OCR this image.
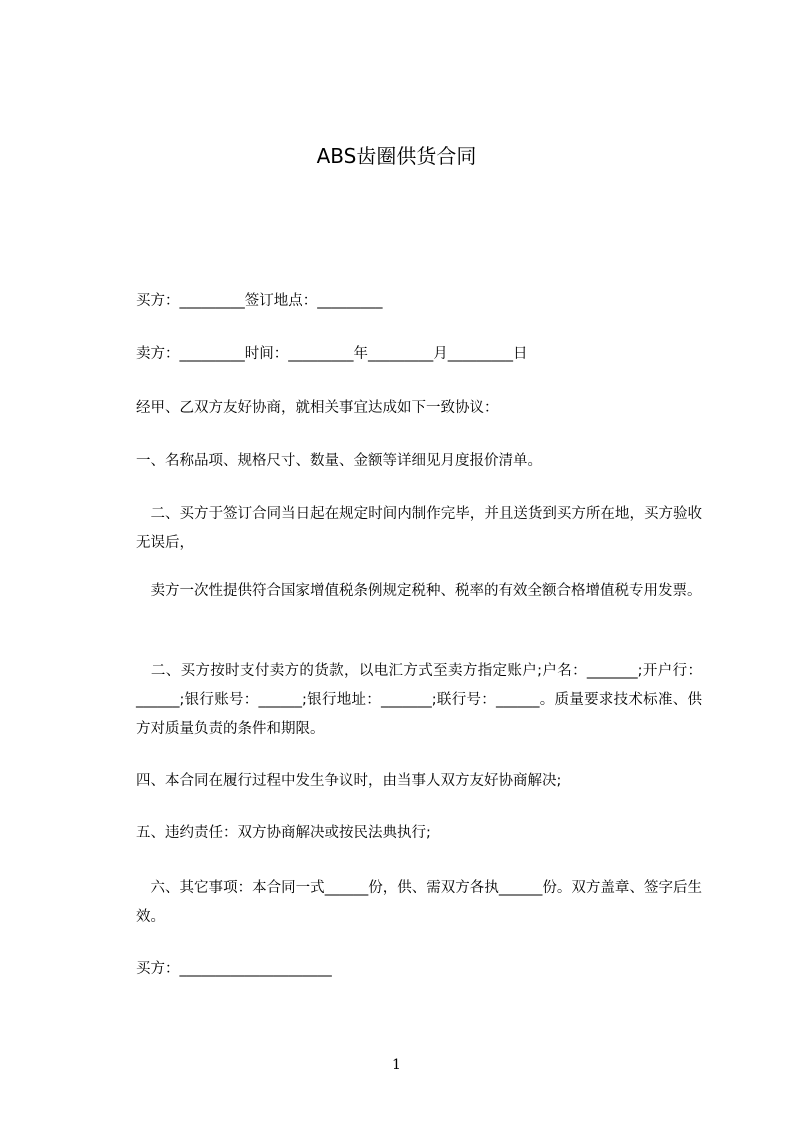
ABS齿圈供货合同
买方：_________签订地点：_________
卖方：_________时间：_________年_________月_________日
经甲、乙双方友好协商，就相关事宜达成如下一致协议：
一、名称品项、规格尺寸、数量、金额等详细见月度报价清单。
　二、买方于签订合同当日起在规定时间内制作完毕，并且送货到买方所在地，买方验收无误后，
　卖方一次性提供符合国家增值税条例规定税种、税率的有效全额合格增值税专用发票。
　二、买方按时支付卖方的货款，以电汇方式至卖方指定账户;户名：_______;开户行：______;银行账号：______;银行地址：_______;联行号：______。质量要求技术标准、供方对质量负责的条件和期限。
四、本合同在履行过程中发生争议时，由当事人双方友好协商解决;
五、违约责任：双方协商解决或按民法典执行;
　六、其它事项：本合同一式______份，供、需双方各执______份。双方盖章、签字后生效。
买方：_____________________
1
